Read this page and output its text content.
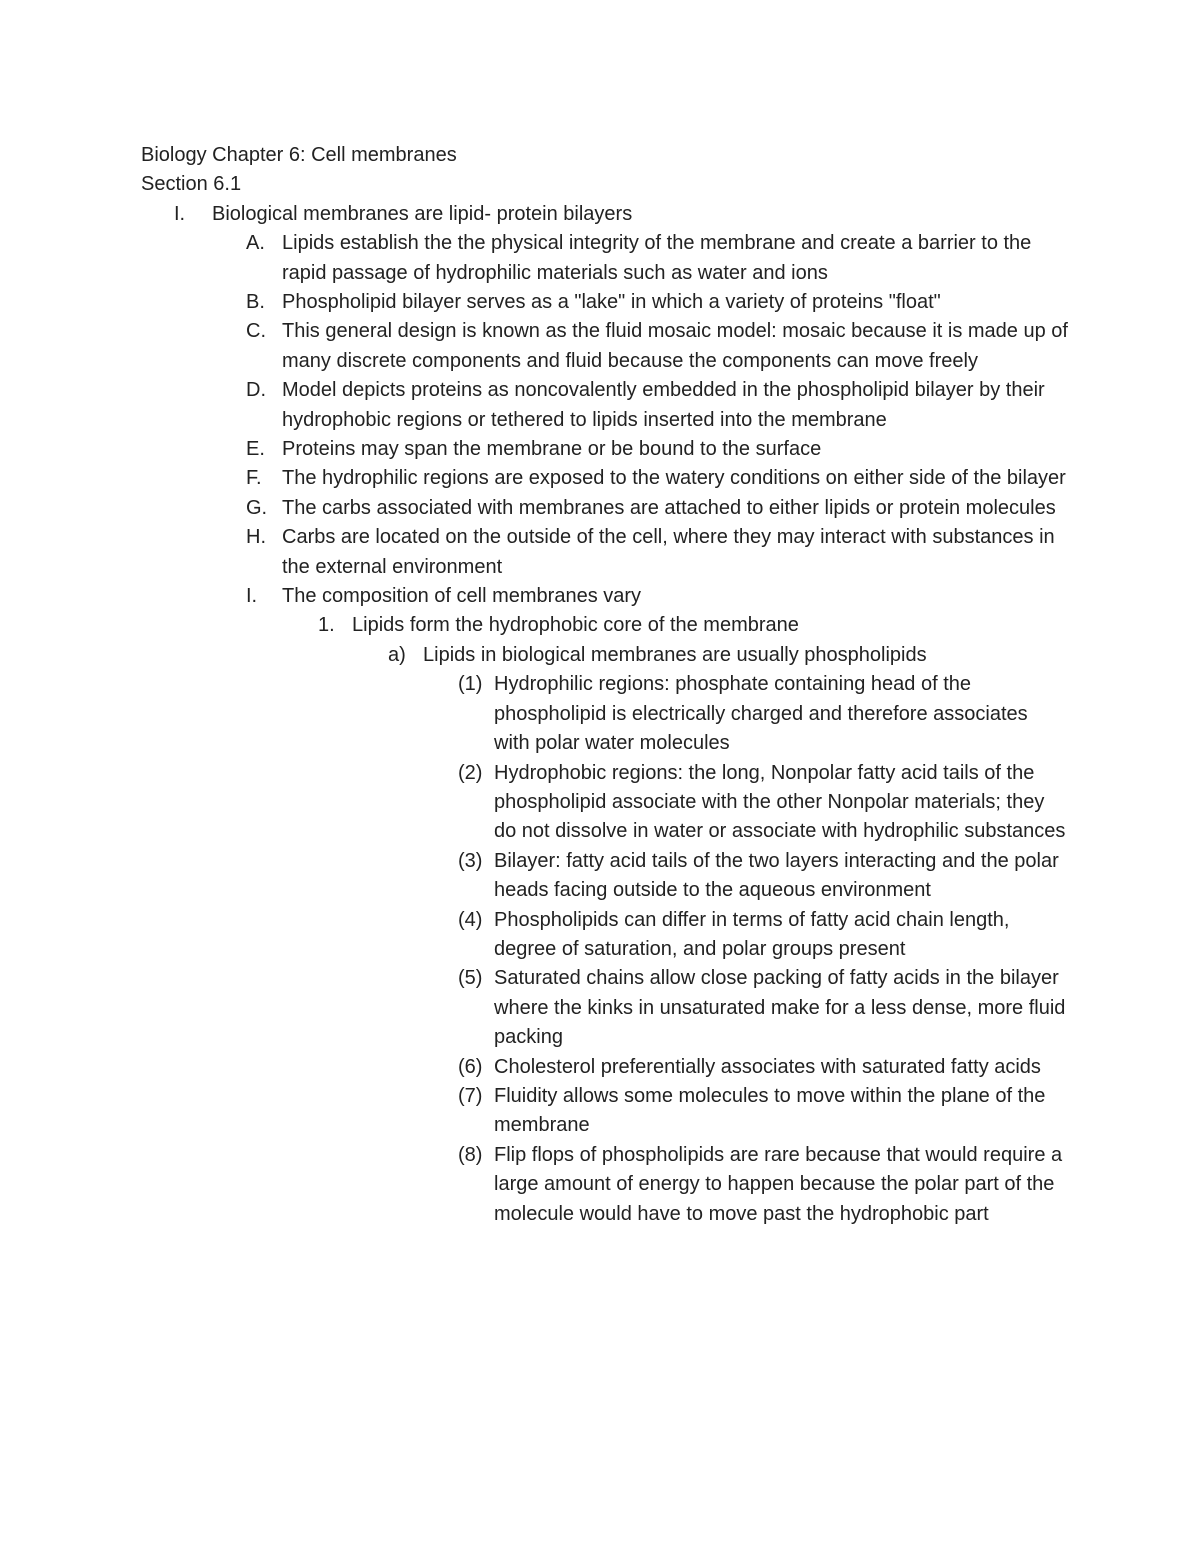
Biology Chapter 6: Cell membranes
Section 6.1
I. Biological membranes are lipid- protein bilayers
A. Lipids establish the the physical integrity of the membrane and create a barrier to the rapid passage of hydrophilic materials such as water and ions
B. Phospholipid bilayer serves as a "lake" in which a variety of proteins "float"
C. This general design is known as the fluid mosaic model: mosaic because it is made up of many discrete components and fluid because the components can move freely
D. Model depicts proteins as noncovalently embedded in the phospholipid bilayer by their hydrophobic regions or tethered to lipids inserted into the membrane
E. Proteins may span the membrane or be bound to the surface
F. The hydrophilic regions are exposed to the watery conditions on either side of the bilayer
G. The carbs associated with membranes are attached to either lipids or protein molecules
H. Carbs are located on the outside of the cell, where they may interact with substances in the external environment
I. The composition of cell membranes vary
1. Lipids form the hydrophobic core of the membrane
a) Lipids in biological membranes are usually phospholipids
(1) Hydrophilic regions: phosphate containing head of the phospholipid is electrically charged and therefore associates with polar water molecules
(2) Hydrophobic regions: the long, Nonpolar fatty acid tails of the phospholipid associate with the other Nonpolar materials; they do not dissolve in water or associate with hydrophilic substances
(3) Bilayer: fatty acid tails of the two layers interacting and the polar heads facing outside to the aqueous environment
(4) Phospholipids can differ in terms of fatty acid chain length, degree of saturation, and polar groups present
(5) Saturated chains allow close packing of fatty acids in the bilayer where the kinks in unsaturated make for a less dense, more fluid packing
(6) Cholesterol preferentially associates with saturated fatty acids
(7) Fluidity allows some molecules to move within the plane of the membrane
(8) Flip flops of phospholipids are rare because that would require a large amount of energy to happen because the polar part of the molecule would have to move past the hydrophobic part
